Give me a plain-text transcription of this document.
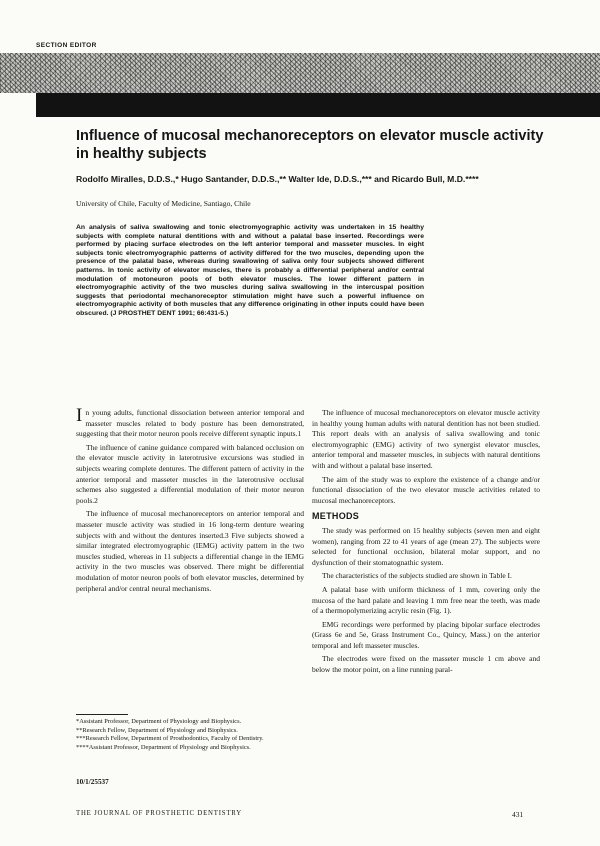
SECTION EDITOR
Influence of mucosal mechanoreceptors on elevator muscle activity in healthy subjects
Rodolfo Miralles, D.D.S.,* Hugo Santander, D.D.S.,** Walter Ide, D.D.S.,*** and Ricardo Bull, M.D.****
University of Chile, Faculty of Medicine, Santiago, Chile
An analysis of saliva swallowing and tonic electromyographic activity was undertaken in 15 healthy subjects with complete natural dentitions with and without a palatal base inserted. Recordings were performed by placing surface electrodes on the left anterior temporal and masseter muscles. In eight subjects tonic electromyographic patterns of activity differed for the two muscles, depending upon the presence of the palatal base, whereas during swallowing of saliva only four subjects showed different patterns. In tonic activity of elevator muscles, there is probably a differential peripheral and/or central modulation of motoneuron pools of both elevator muscles. The lower different pattern in electromyographic activity of the two muscles during saliva swallowing in the intercuspal position suggests that periodontal mechanoreceptor stimulation might have such a powerful influence on electromyographic activity of both muscles that any difference originating in other inputs could have been obscured. (J PROSTHET DENT 1991; 66:431-5.)

In young adults, functional dissociation between anterior temporal and masseter muscles related to body posture has been demonstrated, suggesting that their motor neuron pools receive different synaptic inputs.1

The influence of canine guidance compared with balanced occlusion on the elevator muscle activity in laterotrusive excursions was studied in subjects wearing complete dentures. The different pattern of activity in the anterior temporal and masseter muscles in the laterotrusive occlusal schemes also suggested a differential modulation of their motor neuron pools.2

The influence of mucosal mechanoreceptors on anterior temporal and masseter muscle activity was studied in 16 long-term denture wearing subjects with and without the dentures inserted.3 Five subjects showed a similar integrated electromyographic (IEMG) activity pattern in the two muscles studied, whereas in 11 subjects a differential change in the IEMG activity in the two muscles was observed. There might be differential modulation of motor neuron pools of both elevator muscles, determined by peripheral and/or central neural mechanisms.

The influence of mucosal mechanoreceptors on elevator muscle activity in healthy young human adults with natural dentition has not been studied. This report deals with an analysis of saliva swallowing and tonic electromyographic (EMG) activity of two synergist elevator muscles, anterior temporal and masseter muscles, in subjects with natural dentitions with and without a palatal base inserted.

The aim of the study was to explore the existence of a change and/or functional dissociation of the two elevator muscle activities related to mucosal mechanoreceptors.

METHODS

The study was performed on 15 healthy subjects (seven men and eight women), ranging from 22 to 41 years of age (mean 27). The subjects were selected for functional occlusion, bilateral molar support, and no dysfunction of their stomatognathic system.

The characteristics of the subjects studied are shown in Table I.

A palatal base with uniform thickness of 1 mm, covering only the mucosa of the hard palate and leaving 1 mm free near the teeth, was made of a thermopolymerizing acrylic resin (Fig. 1).

EMG recordings were performed by placing bipolar surface electrodes (Grass 6e and 5e, Grass Instrument Co., Quincy, Mass.) on the anterior temporal and left masseter muscles.

The electrodes were fixed on the masseter muscle 1 cm above and below the motor point, on a line running paral-

*Assistant Professor, Department of Physiology and Biophysics.
**Research Fellow, Department of Physiology and Biophysics.
***Research Fellow, Department of Prosthodontics, Faculty of Dentistry.
****Assistant Professor, Department of Physiology and Biophysics.
10/1/25537
THE JOURNAL OF PROSTHETIC DENTISTRY	431
